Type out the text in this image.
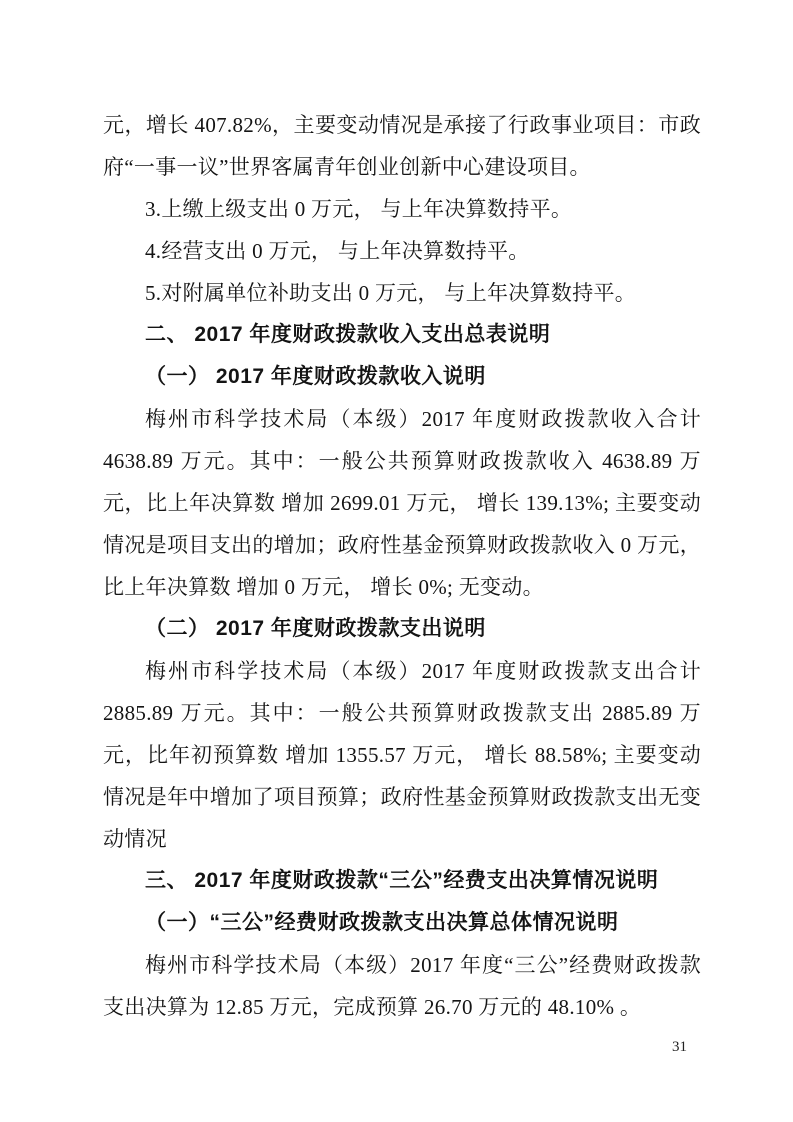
元，增长 407.82%，主要变动情况是承接了行政事业项目：市政府“一事一议”世界客属青年创业创新中心建设项目。

3.上缴上级支出 0 万元， 与上年决算数持平。

4.经营支出 0 万元， 与上年决算数持平。

5.对附属单位补助支出 0 万元， 与上年决算数持平。

二、 2017 年度财政拨款收入支出总表说明

（一） 2017 年度财政拨款收入说明

梅州市科学技术局（本级）2017 年度财政拨款收入合计 4638.89 万元。其中：一般公共预算财政拨款收入 4638.89 万元，比上年决算数 增加 2699.01 万元， 增长 139.13%; 主要变动情况是项目支出的增加；政府性基金预算财政拨款收入 0 万元，比上年决算数 增加 0 万元， 增长 0%; 无变动。

（二） 2017 年度财政拨款支出说明

梅州市科学技术局（本级）2017 年度财政拨款支出合计 2885.89 万元。其中：一般公共预算财政拨款支出 2885.89 万元，比年初预算数 增加 1355.57 万元， 增长 88.58%; 主要变动情况是年中增加了项目预算；政府性基金预算财政拨款支出无变动情况

三、 2017 年度财政拨款“三公”经费支出决算情况说明

（一）“三公”经费财政拨款支出决算总体情况说明

梅州市科学技术局（本级）2017 年度“三公”经费财政拨款支出决算为 12.85 万元，完成预算 26.70 万元的 48.10% 。

31
